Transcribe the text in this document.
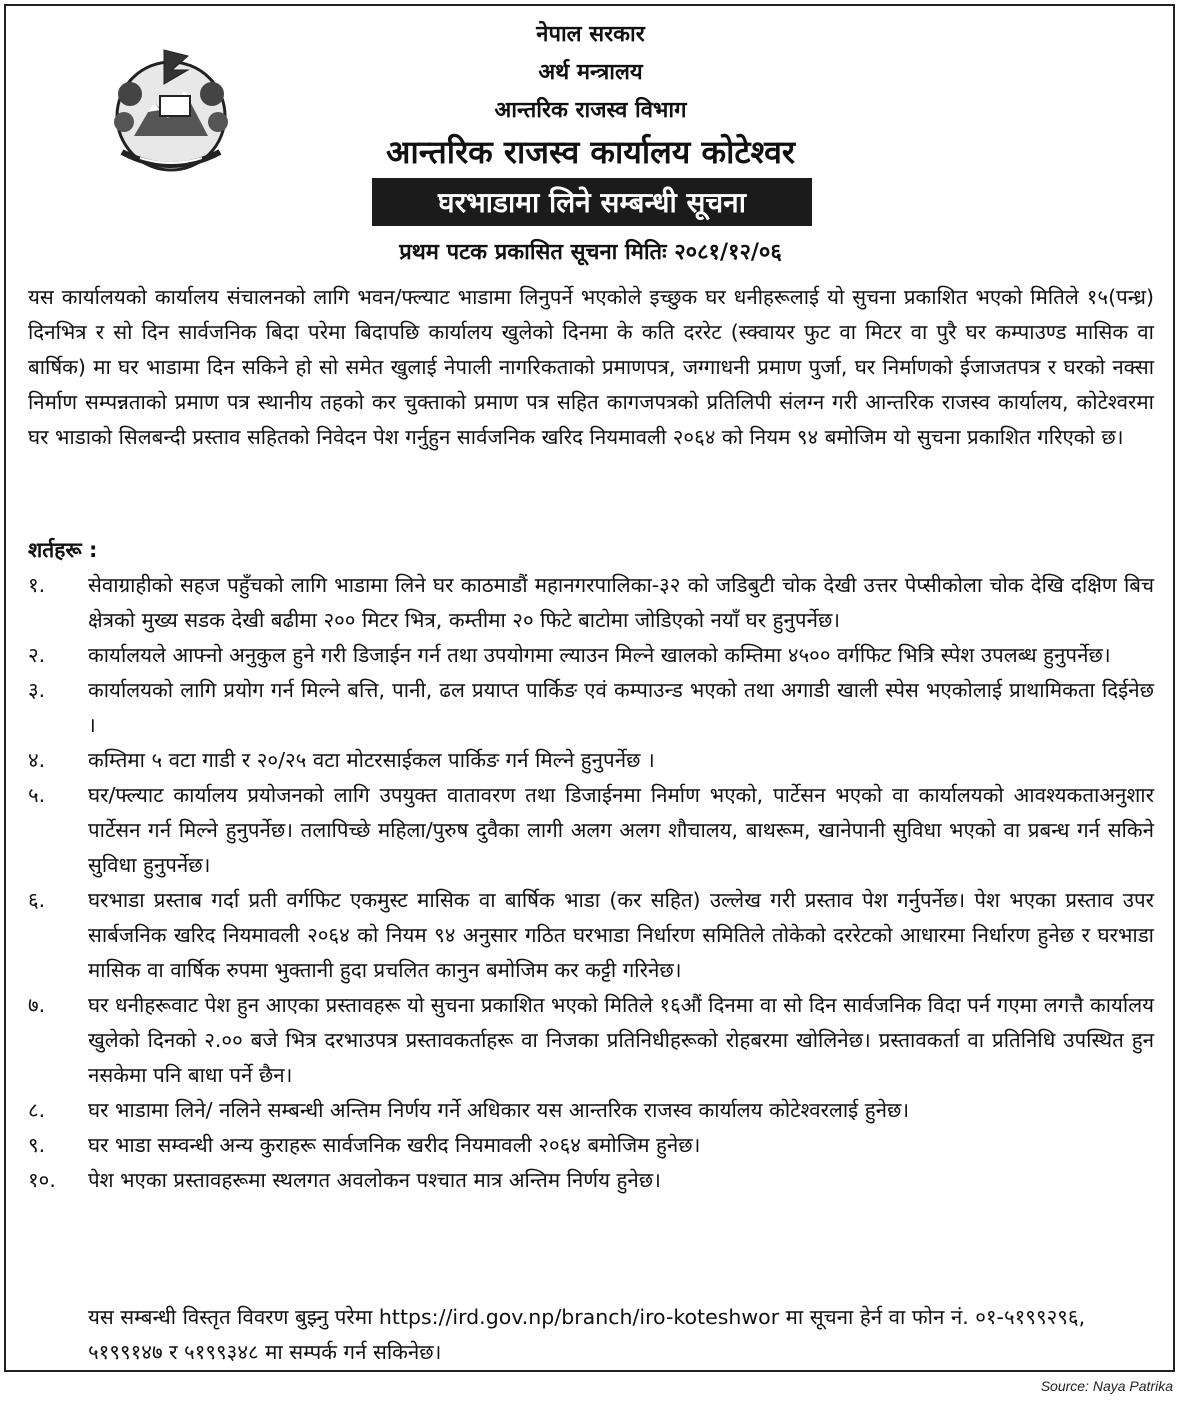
नेपाल सरकार
अर्थ मन्त्रालय
आन्तरिक राजस्व विभाग
आन्तरिक राजस्व कार्यालय कोटेश्वर
घरभाडामा लिने सम्बन्धी सूचना
प्रथम पटक प्रकासित सूचना मितिः २०८१/१२/०६
यस कार्यालयको कार्यालय संचालनको लागि भवन/फ्ल्याट भाडामा लिनुपर्ने भएकोले इच्छुक घर धनीहरूलाई यो सुचना प्रकाशित भएको मितिले १५(पन्ध्र) दिनभित्र र सो दिन सार्वजनिक बिदा परेमा बिदापछि कार्यालय खुलेको दिनमा के कति दररेट (स्क्वायर फुट वा मिटर वा पुरै घर कम्पाउण्ड मासिक वा बार्षिक) मा घर भाडामा दिन सकिने हो सो समेत खुलाई नेपाली नागरिकताको प्रमाणपत्र, जग्गाधनी प्रमाण पुर्जा, घर निर्माणको ईजाजतपत्र र घरको नक्सा निर्माण सम्पन्नताको प्रमाण पत्र स्थानीय तहको कर चुक्ताको प्रमाण पत्र सहित कागजपत्रको प्रतिलिपी संलग्न गरी आन्तरिक राजस्व कार्यालय, कोटेश्वरमा घर भाडाको सिलबन्दी प्रस्ताव सहितको निवेदन पेश गर्नुहुन सार्वजनिक खरिद नियमावली २०६४ को नियम ९४ बमोजिम यो सुचना प्रकाशित गरिएको छ।
शर्तहरू :
१.	सेवाग्राहीको सहज पहुँचको लागि भाडामा लिने घर काठमाडौं महानगरपालिका-३२ को जडिबुटी चोक देखी उत्तर पेप्सीकोला चोक देखि दक्षिण बिच क्षेत्रको मुख्य सडक देखी बढीमा २०० मिटर भित्र, कम्तीमा २० फिटे बाटोमा जोडिएको नयाँ घर हुनुपर्नेछ।
२.	कार्यालयले आफ्नो अनुकुल हुने गरी डिजाईन गर्न तथा उपयोगमा ल्याउन मिल्ने खालको कम्तिमा ४५०० वर्गफिट भित्रि स्पेश उपलब्ध हुनुपर्नेछ।
३.	कार्यालयको लागि प्रयोग गर्न मिल्ने बत्ति, पानी, ढल प्रयाप्त पार्किङ एवं कम्पाउन्ड भएको तथा अगाडी खाली स्पेस भएकोलाई प्राथामिकता दिईनेछ ।
४.	कम्तिमा ५ वटा गाडी र २०/२५ वटा मोटरसाईकल पार्किङ गर्न मिल्ने हुनुपर्नेछ ।
५.	घर/फ्ल्याट कार्यालय प्रयोजनको लागि उपयुक्त वातावरण तथा डिजाईनमा निर्माण भएको, पार्टेसन भएको वा कार्यालयको आवश्यकताअनुशार पार्टेसन गर्न मिल्ने हुनुपर्नेछ। तलापिच्छे महिला/पुरुष दुवैका लागी अलग अलग शौचालय, बाथरूम, खानेपानी सुविधा भएको वा प्रबन्ध गर्न सकिने सुविधा हुनुपर्नेछ।
६.	घरभाडा प्रस्ताब गर्दा प्रती वर्गफिट एकमुस्ट मासिक वा बार्षिक भाडा (कर सहित) उल्लेख गरी प्रस्ताव पेश गर्नुपर्नेछ। पेश भएका प्रस्ताव उपर सार्बजनिक खरिद नियमावली २०६४ को नियम ९४ अनुसार गठित घरभाडा निर्धारण समितिले तोकेको दररेटको आधारमा निर्धारण हुनेछ र घरभाडा मासिक वा वार्षिक रुपमा भुक्तानी हुदा प्रचलित कानुन बमोजिम कर कट्टी गरिनेछ।
७.	घर धनीहरूवाट पेश हुन आएका प्रस्तावहरू यो सुचना प्रकाशित भएको मितिले १६औं दिनमा वा सो दिन सार्वजनिक विदा पर्न गएमा लगत्तै कार्यालय खुलेको दिनको २.०० बजे भित्र दरभाउपत्र प्रस्तावकर्ताहरू वा निजका प्रतिनिधीहरूको रोहबरमा खोलिनेछ। प्रस्तावकर्ता वा प्रतिनिधि उपस्थित हुन नसकेमा पनि बाधा पर्ने छैन।
८.	घर भाडामा लिने/ नलिने सम्बन्धी अन्तिम निर्णय गर्ने अधिकार यस आन्तरिक राजस्व कार्यालय कोटेश्वरलाई हुनेछ।
९.	घर भाडा सम्वन्धी अन्य कुराहरू सार्वजनिक खरीद नियमावली २०६४ बमोजिम हुनेछ।
१०.	पेश भएका प्रस्तावहरूमा स्थलगत अवलोकन पश्चात मात्र अन्तिम निर्णय हुनेछ।
यस सम्बन्धी विस्तृत विवरण बुझ्नु परेमा https://ird.gov.np/branch/iro-koteshwor मा सूचना हेर्न वा फोन नं. ०१-५१९९२९६, ५१९९१४७ र ५१९९३४८ मा सम्पर्क गर्न सकिनेछ।
Source: Naya Patrika
